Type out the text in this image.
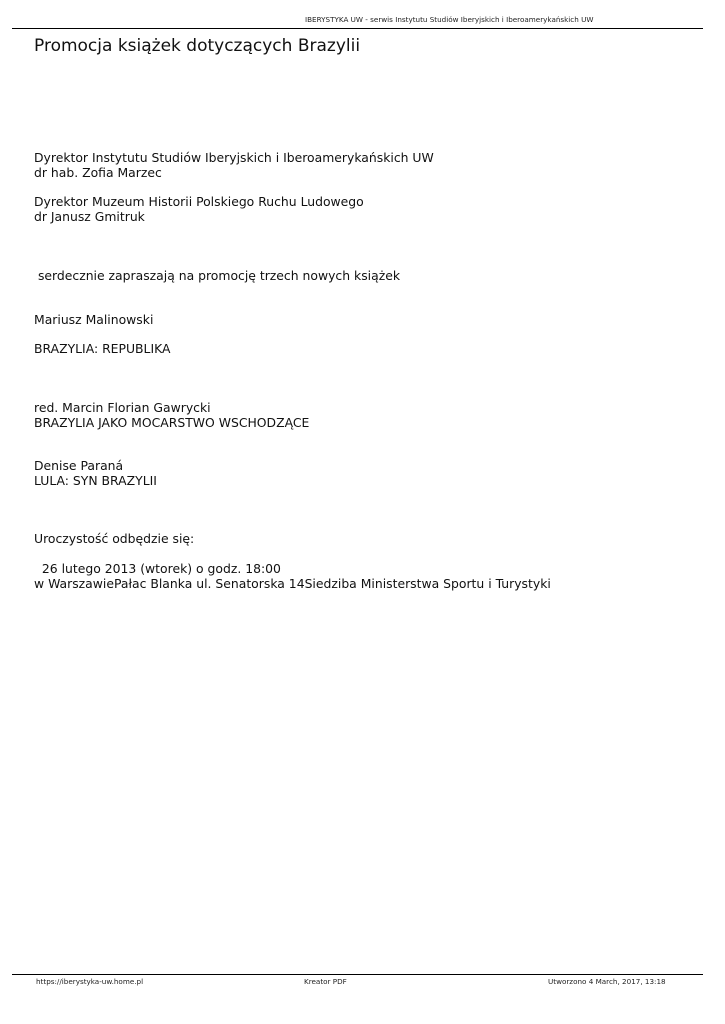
IBERYSTYKA UW - serwis Instytutu Studiów Iberyjskich i Iberoamerykańskich UW
Promocja książek dotyczących Brazylii
Dyrektor Instytutu Studiów Iberyjskich i Iberoamerykańskich UW
dr hab. Zofia Marzec
Dyrektor Muzeum Historii Polskiego Ruchu Ludowego
dr Janusz Gmitruk
serdecznie zapraszają na promocję trzech nowych książek
Mariusz Malinowski
BRAZYLIA: REPUBLIKA
red. Marcin Florian Gawrycki
BRAZYLIA JAKO MOCARSTWO WSCHODZĄCE
Denise Paraná
LULA: SYN BRAZYLII
Uroczystość odbędzie się:
26 lutego 2013 (wtorek) o godz. 18:00
w WarszawiePałac Blanka ul. Senatorska 14Siedziba Ministerstwa Sportu i Turystyki
https://iberystyka-uw.home.pl	Kreator PDF	Utworzono 4 March, 2017, 13:18
